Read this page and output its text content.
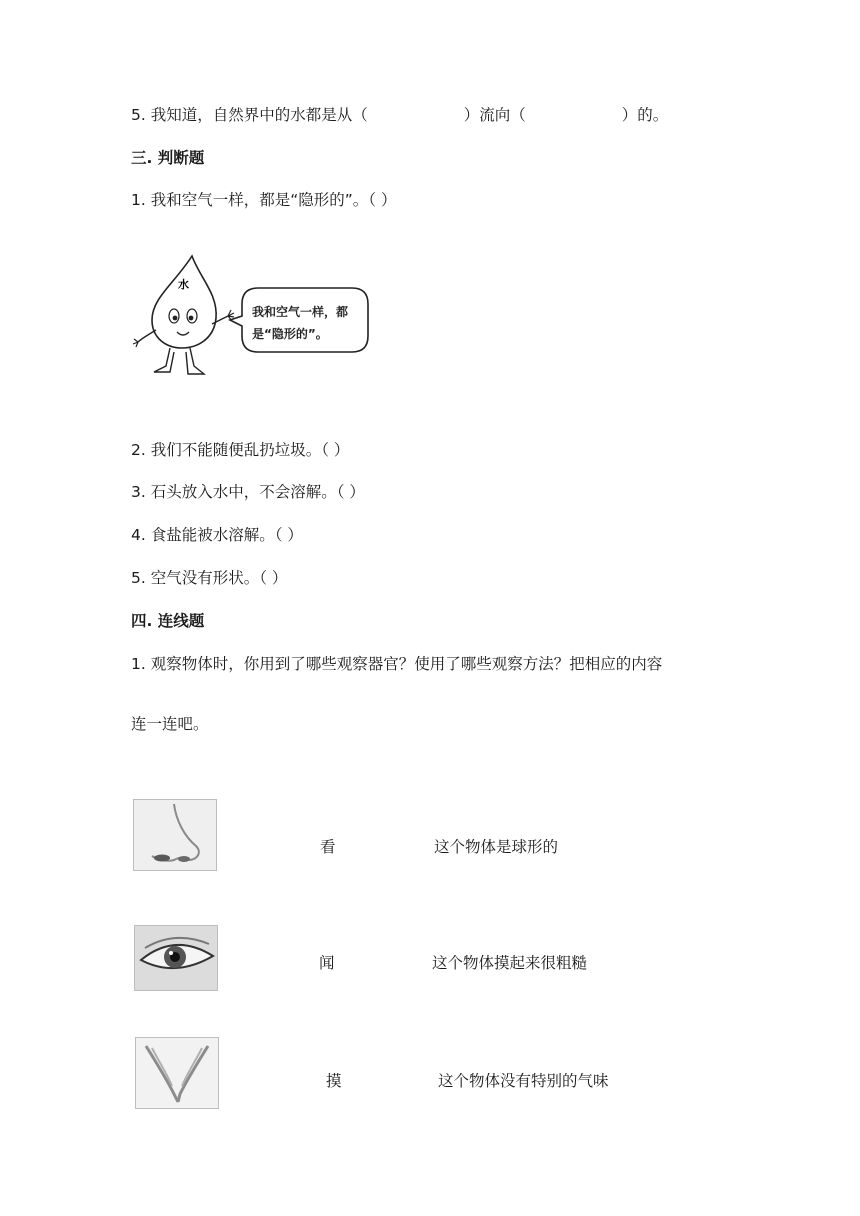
5. 我知道，自然界中的水都是从（	）流向（	）的。
三. 判断题
1. 我和空气一样，都是“隐形的”。（ ）
水
我和空气一样，都
是“隐形的”。
2. 我们不能随便乱扔垃圾。（ ）
3. 石头放入水中，不会溶解。（ ）
4. 食盐能被水溶解。（ ）
5. 空气没有形状。（ ）
四. 连线题
1. 观察物体时，你用到了哪些观察器官？使用了哪些观察方法？把相应的内容
连一连吧。
看	这个物体是球形的
闻	这个物体摸起来很粗糙
摸	这个物体没有特别的气味
